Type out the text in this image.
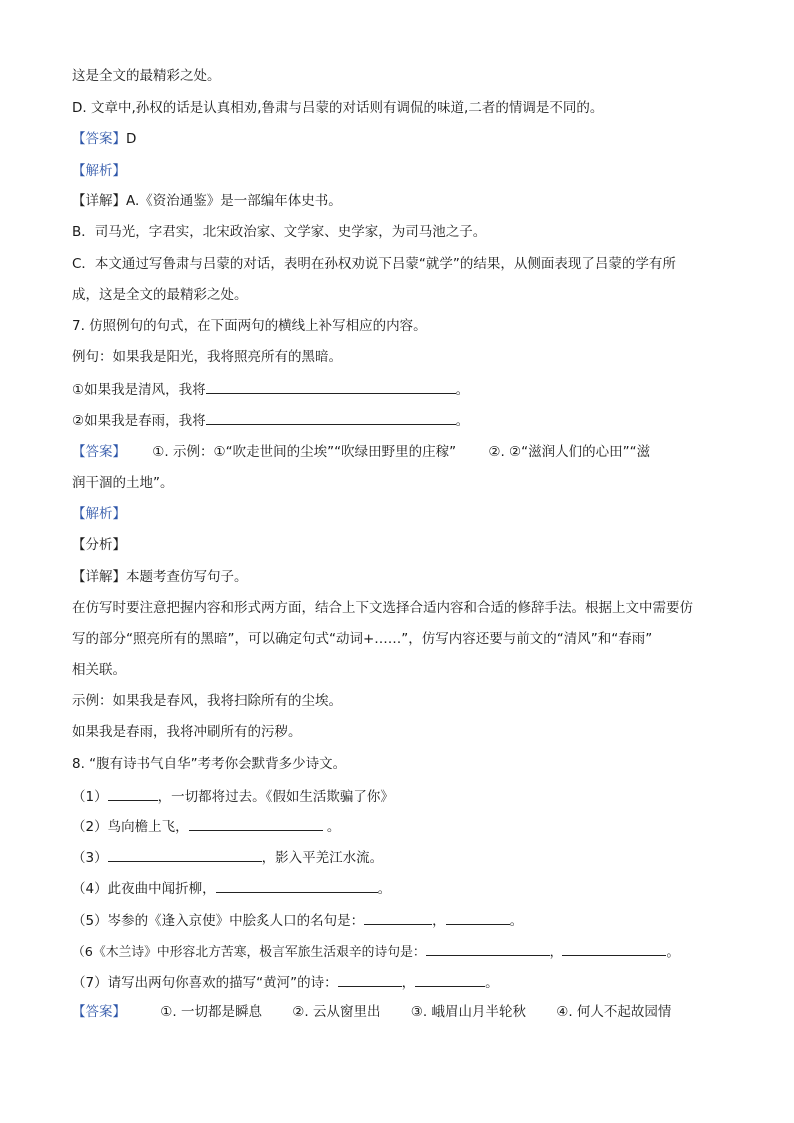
这是全文的最精彩之处。
D. 文章中,孙权的话是认真相劝,鲁肃与吕蒙的对话则有调侃的味道,二者的情调是不同的。
【答案】D
【解析】
【详解】A.《资治通鉴》是一部编年体史书。
B．司马光，字君实，北宋政治家、文学家、史学家，为司马池之子。
C．本文通过写鲁肃与吕蒙的对话，表明在孙权劝说下吕蒙“就学”的结果，从侧面表现了吕蒙的学有所
成，这是全文的最精彩之处。
7. 仿照例句的句式，在下面两句的横线上补写相应的内容。
例句：如果我是阳光，我将照亮所有的黑暗。
①如果我是清风，我将	。
②如果我是春雨，我将	。
【答案】 ①. 示例：①“吹走世间的尘埃”“吹绿田野里的庄稼” ②. ②“滋润人们的心田”“滋
润干涸的土地”。
【解析】
【分析】
【详解】本题考查仿写句子。
在仿写时要注意把握内容和形式两方面，结合上下文选择合适内容和合适的修辞手法。根据上文中需要仿
写的部分“照亮所有的黑暗”，可以确定句式“动词+……”，仿写内容还要与前文的“清风”和“春雨”
相关联。
示例：如果我是春风，我将扫除所有的尘埃。
如果我是春雨，我将冲刷所有的污秽。
8. “腹有诗书气自华”考考你会默背多少诗文。
（1）	，一切都将过去。《假如生活欺骗了你》
（2）鸟向檐上飞，	。
（3）	，影入平羌江水流。
（4）此夜曲中闻折柳，	。
（5）岑参的《逢入京使》中脍炙人口的名句是：	，	。
（6《木兰诗》中形容北方苦寒，极言军旅生活艰辛的诗句是：	，	。
（7）请写出两句你喜欢的描写“黄河”的诗：	，	。
【答案】	①. 一切都是瞬息 ②. 云从窗里出 ③. 峨眉山月半轮秋 ④. 何人不起故园情
